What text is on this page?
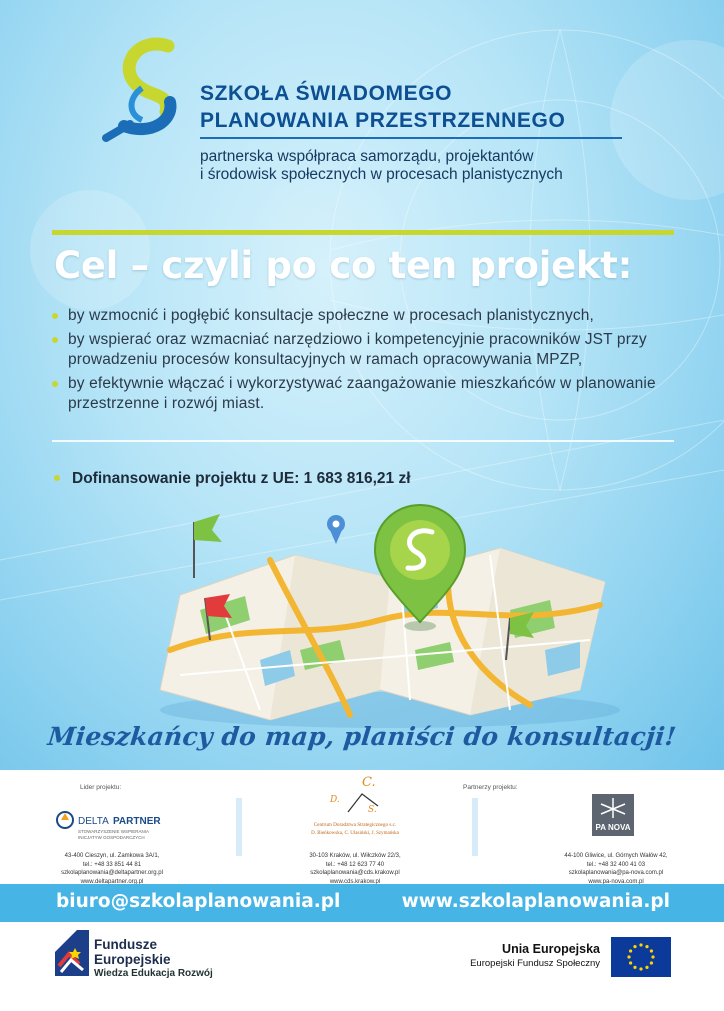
SZKOŁA ŚWIADOMEGO
PLANOWANIA PRZESTRZENNEGO
partnerska współpraca samorządu, projektantów
i środowisk społecznych w procesach planistycznych
Cel – czyli po co ten projekt:
by wzmocnić i pogłębić konsultacje społeczne w procesach planistycznych,
by wspierać oraz wzmacniać narzędziowo i kompetencyjnie pracowników JST przy prowadzeniu procesów konsultacyjnych w ramach opracowywania MPZP,
by efektywnie włączać i wykorzystywać zaangażowanie mieszkańców w planowanie przestrzenne i rozwój miast.
Dofinansowanie projektu z UE: 1 683 816,21 zł
Mieszkańcy do map, planiści do konsultacji!
Lider projektu:	Partnerzy projektu:
DELTA PARTNER
STOWARZYSZENIE WSPIERANIA
INICJATYW GOSPODARCZYCH
43-400 Cieszyn, ul. Zamkowa 3A/1,
tel.: +48 33 851 44 81
szkolaplanowania@deltapartner.org.pl
www.deltapartner.org.pl
C.
D.
S.
Centrum Doradztwa Strategicznego s.c.
D. Bieńkowska, C. Ulasiński, J. Szymańska
30-103 Kraków, ul. Wiłczków 22/3,
tel.: +48 12 623 77 40
szkolaplanowania@cds.krakow.pl
www.cds.krakow.pl
PA NOVA
44-100 Gliwice, ul. Górnych Wałów 42,
tel.: +48 32 400 41 03
szkolaplanowania@pa-nova.com.pl
www.pa-nova.com.pl
biuro@szkolaplanowania.pl	www.szkolaplanowania.pl
Fundusze
Europejskie
Wiedza Edukacja Rozwój
Unia Europejska
Europejski Fundusz Społeczny
